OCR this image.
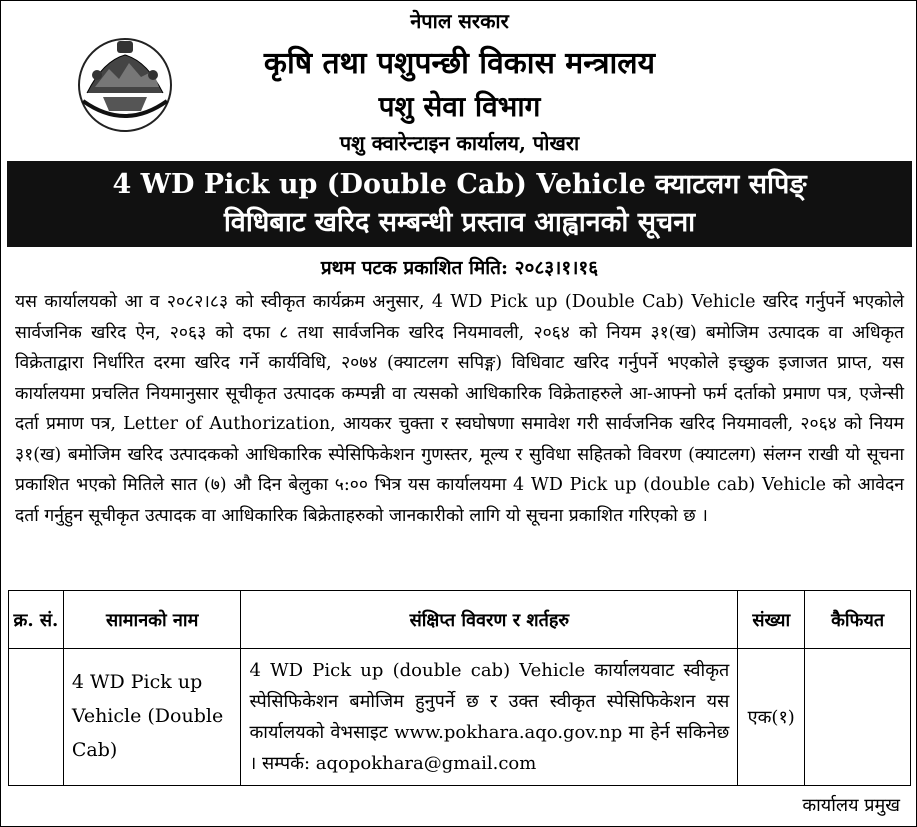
नेपाल सरकार
कृषि तथा पशुपन्छी विकास मन्त्रालय
पशु सेवा विभाग
पशु क्वारेन्टाइन कार्यालय, पोखरा
4 WD Pick up (Double Cab) Vehicle क्याटलग सपिङ्
विधिबाट खरिद सम्बन्धी प्रस्ताव आह्वानको सूचना
प्रथम पटक प्रकाशित मिति: २०८३।१।१६
यस कार्यालयको आ व २०८२।८३ को स्वीकृत कार्यक्रम अनुसार, 4 WD Pick up (Double Cab) Vehicle खरिद गर्नुपर्ने भएकोले सार्वजनिक खरिद ऐन, २०६३ को दफा ८ तथा सार्वजनिक खरिद नियमावली, २०६४ को नियम ३१(ख) बमोजिम उत्पादक वा अधिकृत विक्रेताद्वारा निर्धारित दरमा खरिद गर्ने कार्यविधि, २०७४ (क्याटलग सपिङ्ग) विधिवाट खरिद गर्नुपर्ने भएकोले इच्छुक इजाजत प्राप्त, यस कार्यालयमा प्रचलित नियमानुसार सूचीकृत उत्पादक कम्पन्नी वा त्यसको आधिकारिक विक्रेताहरुले आ-आफ्नो फर्म दर्ताको प्रमाण पत्र, एजेन्सी दर्ता प्रमाण पत्र, Letter of Authorization, आयकर चुक्ता र स्वघोषणा समावेश गरी सार्वजनिक खरिद नियमावली, २०६४ को नियम ३१(ख) बमोजिम खरिद उत्पादकको आधिकारिक स्पेसिफिकेशन गुणस्तर, मूल्य र सुविधा सहितको विवरण (क्याटलग) संलग्न राखी यो सूचना प्रकाशित भएको मितिले सात (७) औ दिन बेलुका ५:०० भित्र यस कार्यालयमा 4 WD Pick up (double cab) Vehicle को आवेदन दर्ता गर्नुहुन सूचीकृत उत्पादक वा आधिकारिक बिक्रेताहरुको जानकारीको लागि यो सूचना प्रकाशित गरिएको छ ।
क्र. सं.	सामानको नाम	संक्षिप्त विवरण र शर्तहरु	संख्या	कैफियत
	4 WD Pick up Vehicle (Double Cab)	4 WD Pick up (double cab) Vehicle कार्यालयवाट स्वीकृत स्पेसिफिकेशन बमोजिम हुनुपर्ने छ र उक्त स्वीकृत स्पेसिफिकेशन यस कार्यालयको वेभसाइट www.pokhara.aqo.gov.np मा हेर्न सकिनेछ । सम्पर्क: aqopokhara@gmail.com	एक(१)	
कार्यालय प्रमुख
